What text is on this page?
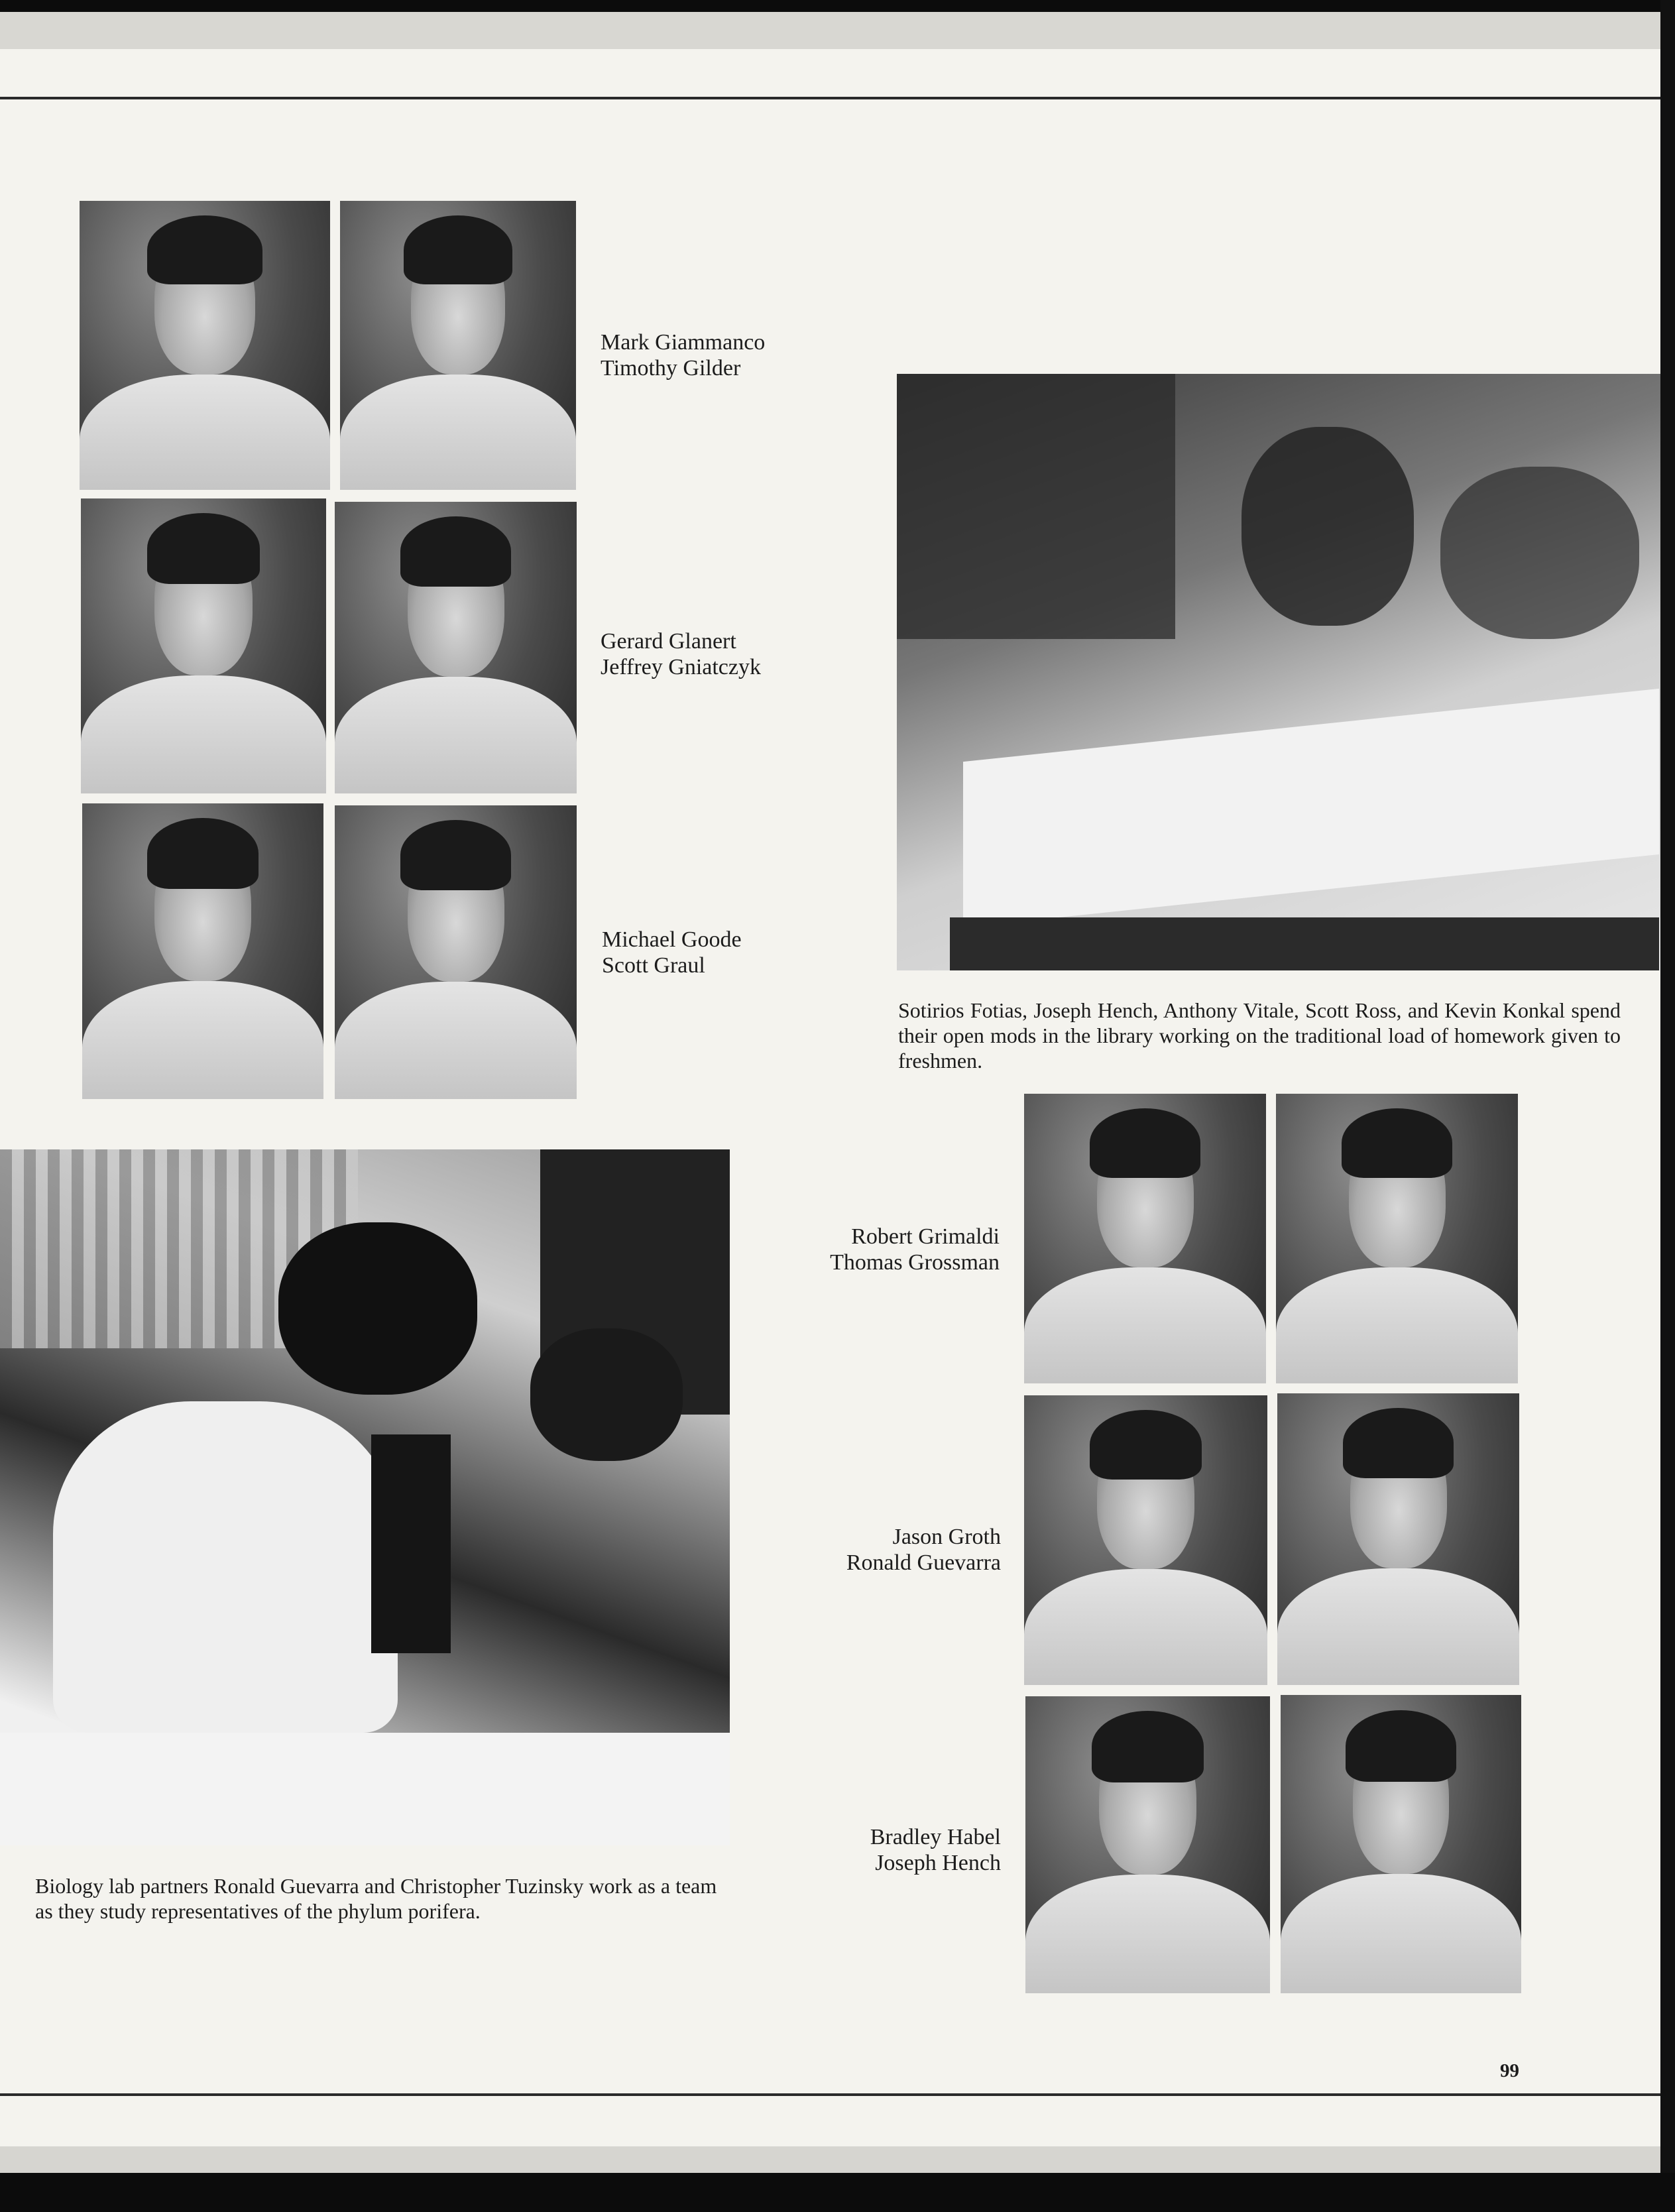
Mark Giammanco
Timothy Gilder
Gerard Glanert
Jeffrey Gniatczyk
Michael Goode
Scott Graul
Sotirios Fotias, Joseph Hench, Anthony Vitale, Scott Ross, and Kevin Konkal spend their open mods in the library working on the traditional load of homework given to freshmen.
Biology lab partners Ronald Guevarra and Christopher Tuzinsky work as a team as they study representatives of the phylum porifera.
Robert Grimaldi
Thomas Grossman
Jason Groth
Ronald Guevarra
Bradley Habel
Joseph Hench
99
